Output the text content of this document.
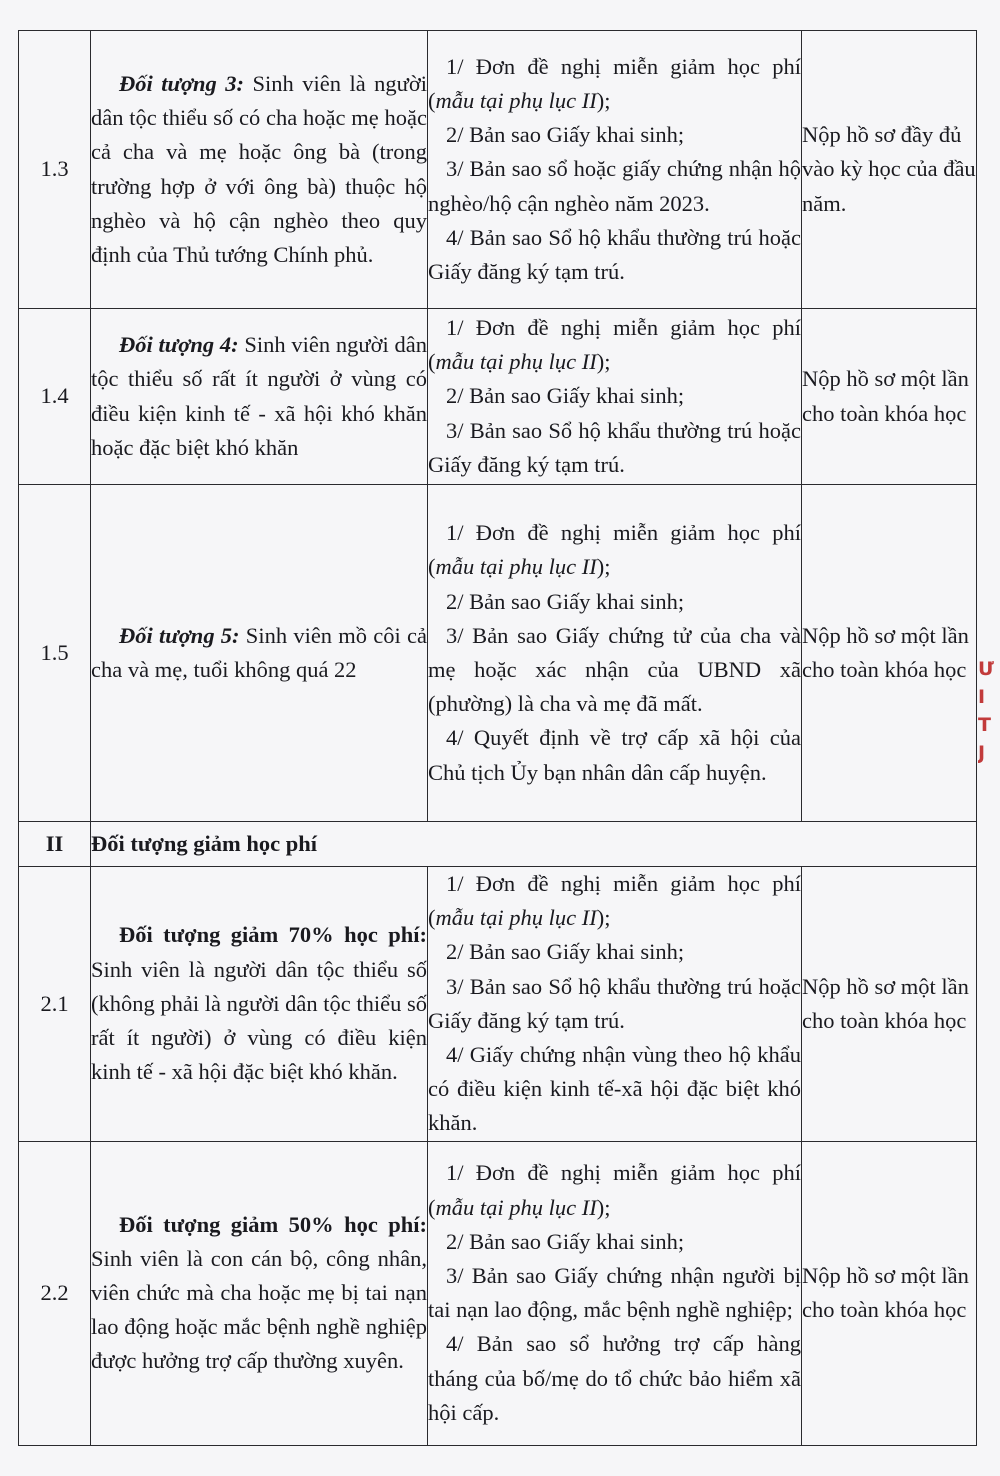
1.3	Đối tượng 3: Sinh viên là người dân tộc thiểu số có cha hoặc mẹ hoặc cả cha và mẹ hoặc ông bà (trong trường hợp ở với ông bà) thuộc hộ nghèo và hộ cận nghèo theo quy định của Thủ tướng Chính phủ.	1/ Đơn đề nghị miễn giảm học phí (mẫu tại phụ lục II);

2/ Bản sao Giấy khai sinh;

3/ Bản sao sổ hoặc giấy chứng nhận hộ nghèo/hộ cận nghèo năm 2023.

4/ Bản sao Sổ hộ khẩu thường trú hoặc Giấy đăng ký tạm trú.	Nộp hồ sơ đầy đủ vào kỳ học của đầu năm.
1.4	Đối tượng 4: Sinh viên người dân tộc thiểu số rất ít người ở vùng có điều kiện kinh tế - xã hội khó khăn hoặc đặc biệt khó khăn	1/ Đơn đề nghị miễn giảm học phí (mẫu tại phụ lục II);

2/ Bản sao Giấy khai sinh;

3/ Bản sao Sổ hộ khẩu thường trú hoặc Giấy đăng ký tạm trú.	Nộp hồ sơ một lần cho toàn khóa học
1.5	Đối tượng 5: Sinh viên mồ côi cả cha và mẹ, tuổi không quá 22	1/ Đơn đề nghị miễn giảm học phí (mẫu tại phụ lục II);

2/ Bản sao Giấy khai sinh;

3/ Bản sao Giấy chứng tử của cha và mẹ hoặc xác nhận của UBND xã (phường) là cha và mẹ đã mất.

4/ Quyết định về trợ cấp xã hội của Chủ tịch Ủy bạn nhân dân cấp huyện.	Nộp hồ sơ một lần cho toàn khóa học
II	Đối tượng giảm học phí		
2.1	Đối tượng giảm 70% học phí: Sinh viên là người dân tộc thiểu số (không phải là người dân tộc thiểu số rất ít người) ở vùng có điều kiện kinh tế - xã hội đặc biệt khó khăn.	1/ Đơn đề nghị miễn giảm học phí (mẫu tại phụ lục II);

2/ Bản sao Giấy khai sinh;

3/ Bản sao Sổ hộ khẩu thường trú hoặc Giấy đăng ký tạm trú.

4/ Giấy chứng nhận vùng theo hộ khẩu có điều kiện kinh tế-xã hội đặc biệt khó khăn.	Nộp hồ sơ một lần cho toàn khóa học
2.2	Đối tượng giảm 50% học phí: Sinh viên là con cán bộ, công nhân, viên chức mà cha hoặc mẹ bị tai nạn lao động hoặc mắc bệnh nghề nghiệp được hưởng trợ cấp thường xuyên.	1/ Đơn đề nghị miễn giảm học phí (mẫu tại phụ lục II);

2/ Bản sao Giấy khai sinh;

3/ Bản sao Giấy chứng nhận người bị tai nạn lao động, mắc bệnh nghề nghiệp;

4/ Bản sao sổ hưởng trợ cấp hàng tháng của bố/mẹ do tổ chức bảo hiểm xã hội cấp.	Nộp hồ sơ một lần cho toàn khóa học
Ư
I
T
J
